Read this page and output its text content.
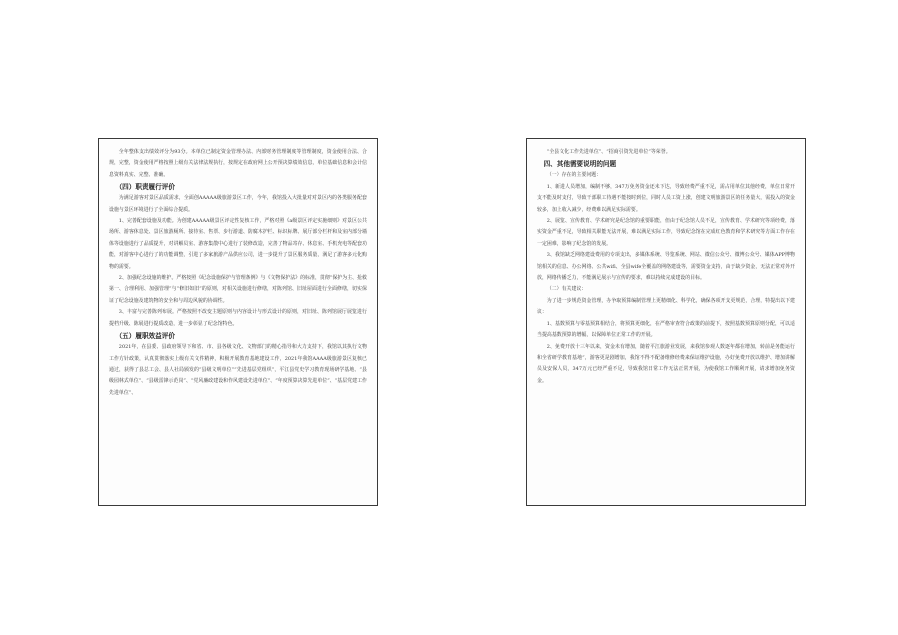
全年整体支出绩效评分为93分。本单位已制定资金管理办法、内部财务管理制度等管理制度，资金使用合法、合规，完整，资金使用严格按照上级有关法律法规执行，按规定在政府网上公开预决算绩效信息，单位基础信息和会计信息资料真实、完整、准确。

（四）职责履行评价

为满足游客对景区品质需求，全面创AAAAA级旅游景区工作，今年，我馆投入大批量对对景区内的各类服务配套设施与景区环境进行了全面综合提质。

1、完善配套设施及功能。为创建AAAAA级景区评定性复核工作，严格对照《a级景区评定实施细则》对景区公共场所、游客休息处、景区旅游厕所、接待室、售票、步行游道、防腐木护栏、标识标牌、展厅部分栏杆和及室内部分墙体等设施进行了品质提升，对讲解员室、游客集散中心进行了装修改造，完善了物品寄存、休息室、手机充电等配套功能，对游客中心进行了的功能调整，引进了多家旅游产品供应公司，进一步提升了景区服务质量，满足了游客多元化购物的需要。

2、加强纪念设施的维护。严格按照《纪念设施保护与管理条例》与《文物保护法》的标准，贯彻“保护为主、抢救第一、合理利用、加强管理”与“修旧如旧”的原则，对相关设施进行修缮，对陈列馆、旧址屋面进行全面修缮，切实保证了纪念设施及建筑物的安全和与周边风貌的协调性。

3、丰富与完善陈列布展。严格按照不改变主题原则与内容设计与形式设计的原则，对旧址、陈列馆展厅展览进行提档升级、陈展进行提质改造，进一步彰显了纪念馆特色。

（五）履职效益评价

2021年，在县委、县政府领导下和省、市、县各级文化、文物部门的精心指导和大力支持下，我馆以其执行文物工作方针政策，认真贯彻落实上级有关文件精神，积极开展教育基地建设工作，2021年我馆AAAA级旅游景区复核已通过，获得了县总工会、县人社局颁发的“县级文明单位”“先进基层党组织”，平江县党史学习教育现场研学基地、“县级园林式单位”、“县级雷锋示范岗”、“党风廉政建设和作风建设先进单位”、“年度预算决算先进单位”、“基层党建工作先进单位”、

“全县文化工作先进单位”、“招商引资先进单位”等荣誉。

四、其他需要说明的问题

（一）存在的主要问题：

1、新进人员增加，编制不够，347万免务资金还未下达，导致经费严重不足，需占用单位其他经费，单位日常开支不能及时支付，导致干部职工待遇不能按时到位，同时人员工资上涨，创建文明旅游景区的任务量大，需投入的资金较多，加上收入减少，经费难以满足实际需要。

2、展览、宣传教育、学术研究是纪念馆的重要职能，但由于纪念馆人员不足，宣传教育、学术研究等项经费，落实资金严重不足，导致相关职能无法开展，难以满足实际工作，导致纪念馆在完成红色教育和学术研究等方面工作存在一定困难，影响了纪念馆的发展。

3、我馆缺乏网络建设费用的专项支出，多媒体系统、导览系统、网站、微信公众号、微博公众号、媒体APP博物馆相关的信息、办公网络、公共wifi、全县wife全覆盖的网络建设等，需要资金支持，由于缺少资金，无法正常对外开放，网络传播乏力，不能满足展示与宣传的要求，难以持续完成建设的目标。

（二）有关建议：

为了进一步规范资金管理，办争取预算编制管理上更精细化、科学化，确保各项开支更规范，合理，特提出以下建议：

1、基数预算与零基预算相结合，将预算更细化，在严格审查符合政策的前提下，按照基数预算原则分配，可以适当提高基数预算的增幅，以保障单位正常工作的开展。

2、免费开放十三年以来，资金未有增加，随着平江旅游业发展，来我馆参观人数逐年都在增加，转前是务能运行和全省研学教育基地“，游客更是剧增加，我馆不得不配备维修经费来保证维护设施，办好免费开放以维护、增加讲解员及安保人员，347万元已经严重不足，导致我馆日常工作无法正常开展，为使我馆工作顺利开展，请求增加免务资金。
